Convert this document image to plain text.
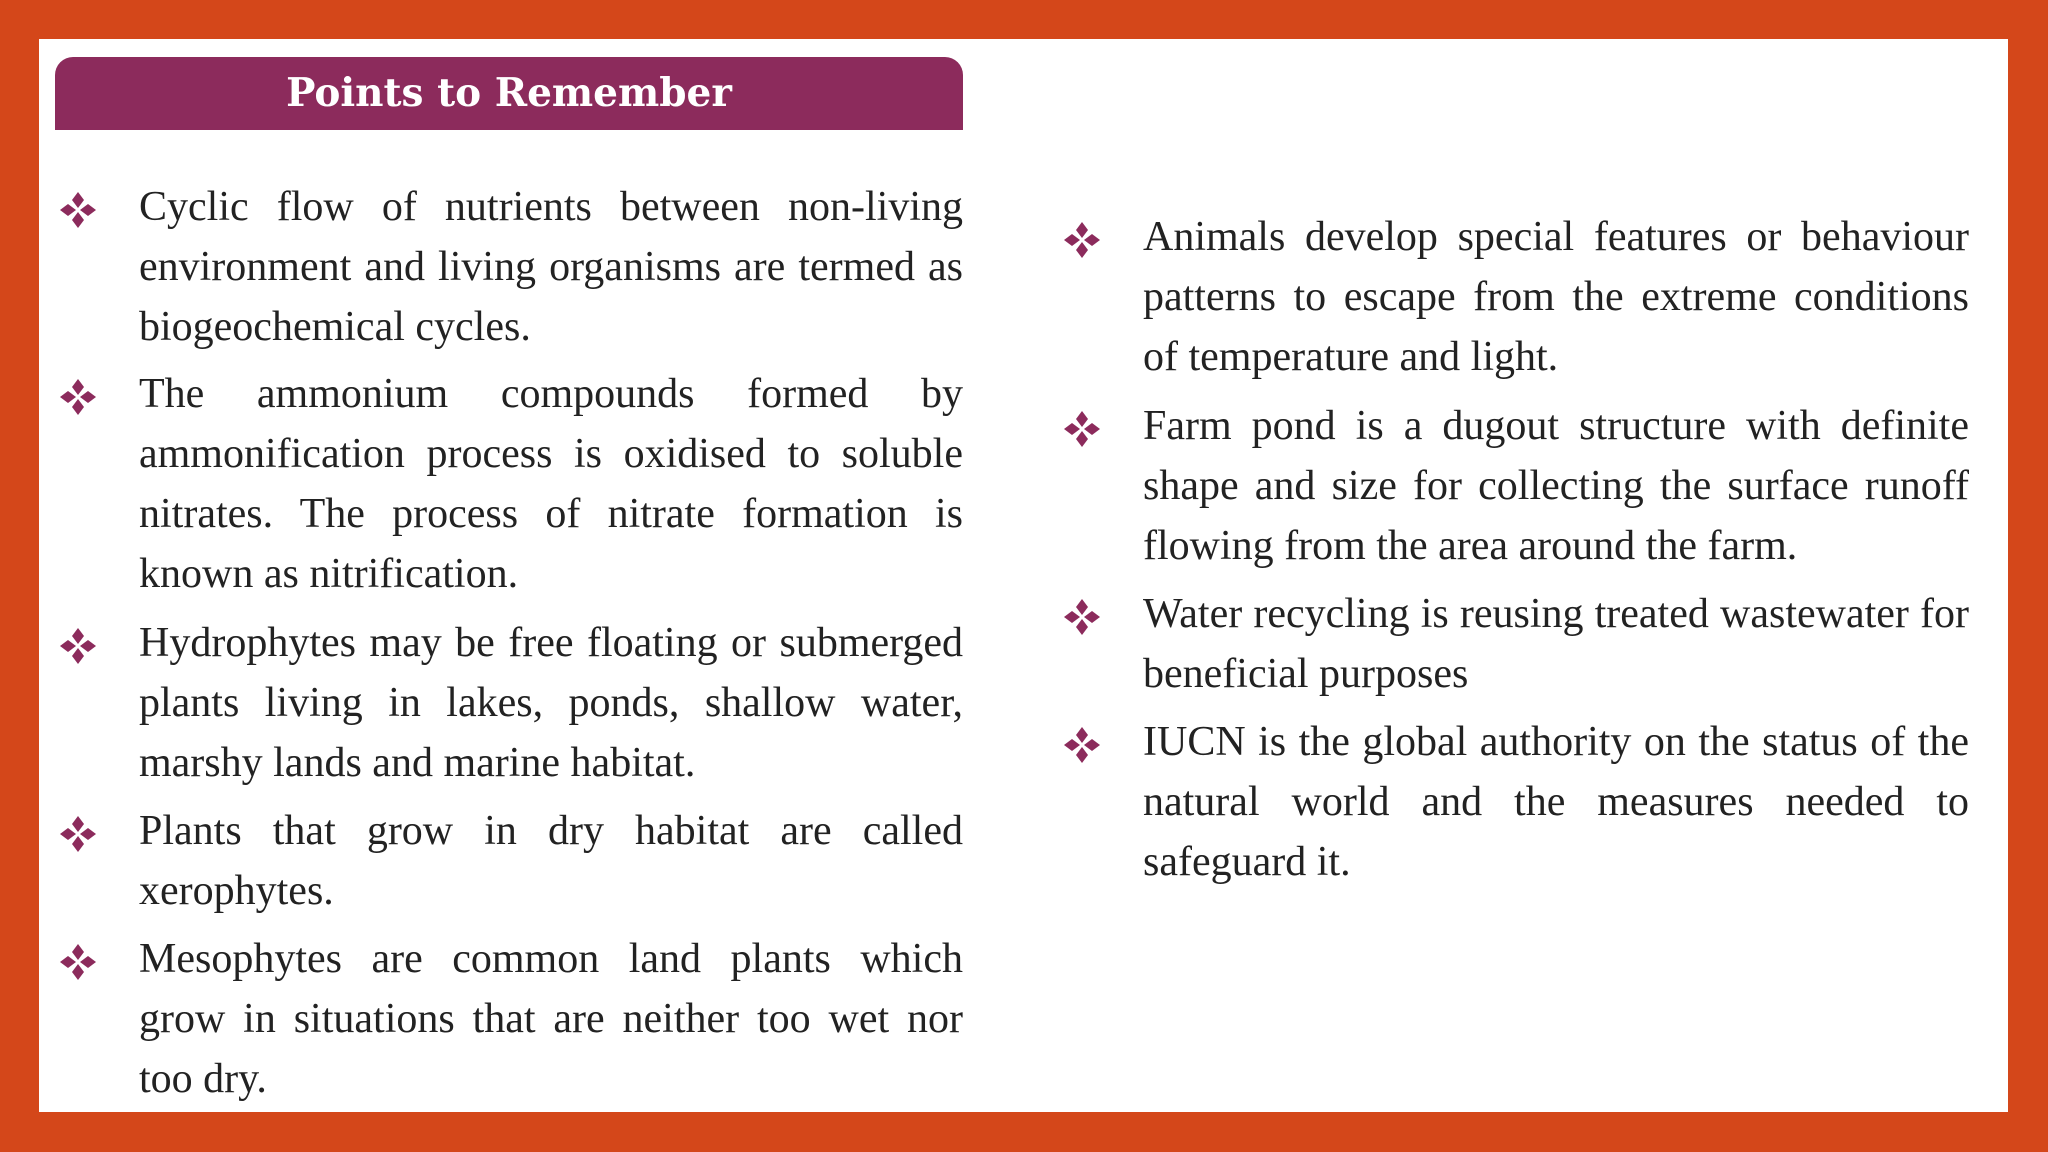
Points to Remember

Cyclic flow of nutrients between non-living environment and living organisms are termed as biogeochemical cycles.

The ammonium compounds formed by ammonification process is oxidised to soluble nitrates. The process of nitrate formation is known as nitrification.

Hydrophytes may be free floating or submerged plants living in lakes, ponds, shallow water, marshy lands and marine habitat.

Plants that grow in dry habitat are called xerophytes.

Mesophytes are common land plants which grow in situations that are neither too wet nor too dry.

Animals develop special features or behaviour patterns to escape from the extreme conditions of temperature and light.

Farm pond is a dugout structure with definite shape and size for collecting the surface runoff flowing from the area around the farm.

Water recycling is reusing treated wastewater for beneficial purposes

IUCN is the global authority on the status of the natural world and the measures needed to safeguard it.
